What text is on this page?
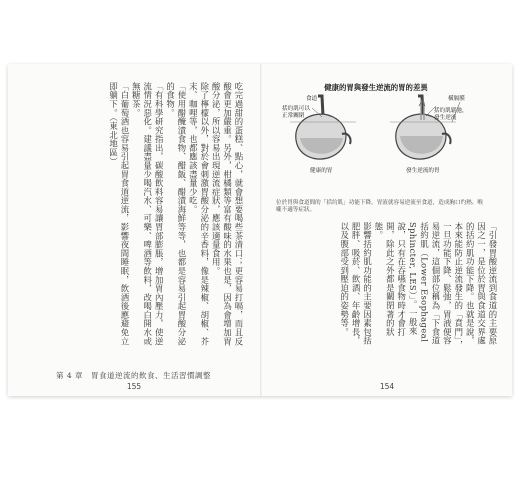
吃完過甜的蛋糕、點心，就會想要喝些茶清口；更容易打嗝，而且反酸會更加嚴重。另外，柑橘類等富有酸味的水果也是，因為會增加胃酸分泌，所以容易出現逆流症狀，應該適量食用。

除了檸檬以外，對於會刺激胃酸分泌的辛香料，像是辣椒、胡椒、芥末、咖哩等，也都應該盡量少吃。

「使用醋醃漬食物、醋飯、醋漬海鮮等等，也都是容易引起胃酸分泌的食物。

「有科學研究指出，碳酸飲料容易讓胃部膨脹，增加胃內壓力，使逆流情況惡化。建議盡量少喝汽水、可樂、啤酒等飲料，改喝白開水或無糖茶。

「白葡萄酒也容易引起胃食道逆流，影響夜間睡眠，飲酒後應避免立即躺下。（東北地區）

第 4 章　胃食道逆流的飲食、生活習慣調整
155
健康的胃與發生逆流的胃的差異
食道
括約肌可以
正常關閉
橫膈膜
括約肌鬆弛，
發生逆流
健康的胃	發生逆流的胃
位於胃與食道間的「括約肌」功能下降，胃液就容易逆流至食道，造成胸口灼熱、喉嚨不適等症狀。

「引發胃酸逆流到食道的主要原因之一，是位於胃與食道交界處的括約肌功能下降。也就是說，本來能防止逆流發生的「賁門」，

一旦功能下降、鬆弛，胃液便容易逆流，這個部位稱為「下食道括約肌（Lower Esophageal Sphincter, LES）」。一般來說，只有在吞嚥食物時才會打開，除此之外都是關閉著的狀態。

影響括約肌功能的主要因素包括肥胖、吸菸、飲酒、年齡增長，以及腹部受到壓迫的姿勢等。

154
